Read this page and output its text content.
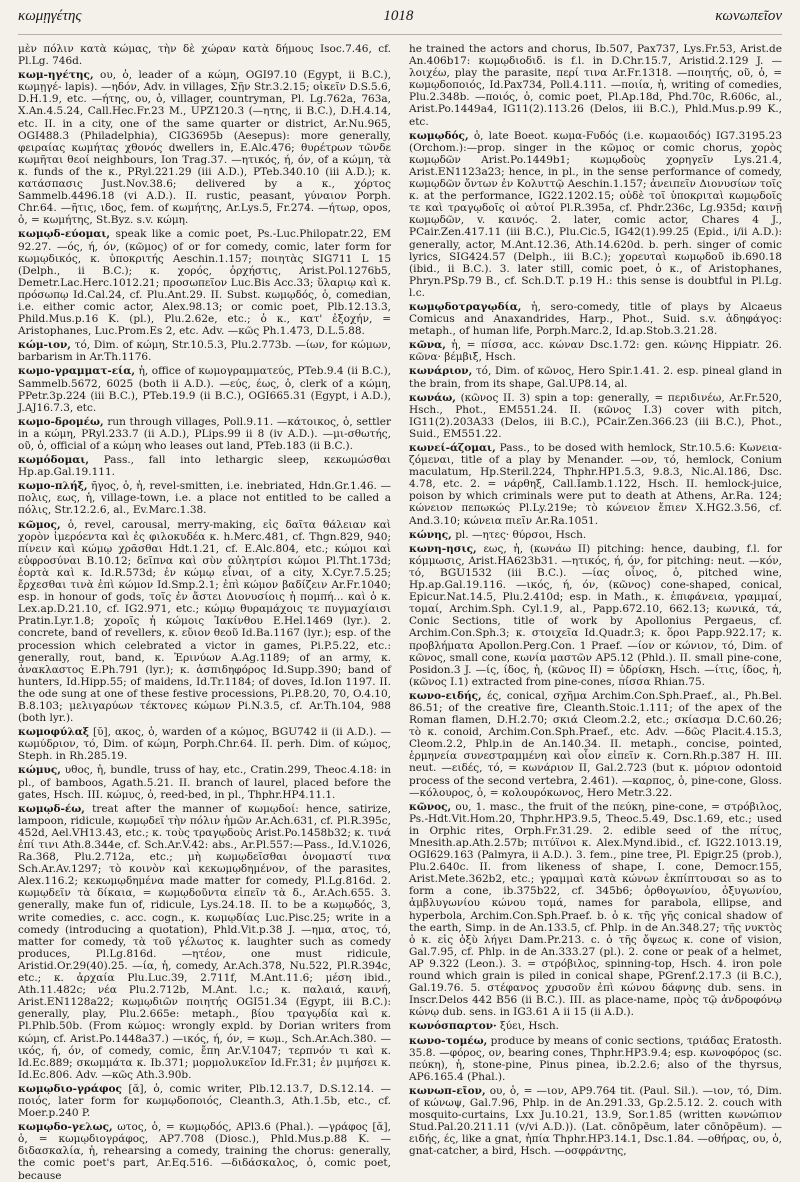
κωμῃγέτης	1018	κωνωπεῖον

μὲν πόλιν κατὰ κώμας, τὴν δὲ χώραν κατὰ δήμους Isoc.7.46, cf. Pl.Lg. 746d.

κωμ-ηγέτης, ου, ὁ, leader of a κώμη, OGI97.10 (Egypt, ii B.C.), κωμῃγέ- lapis). —ηδόν, Adv. in villages, Σῇν Str.3.2.15; οἰκεῖν D.S.5.6, D.H.1.9, etc. —ήτης, ου, ὁ, villager, countryman, Pl. Lg.762a, 763a, X.An.4.5.24, Call.Hec.Fr.23 M., UPZ120.3 (—ητης, ii B.C.), D.H.4.14, etc. II. in a city, one of the same quarter or district, Ar.Nu.965, OGI488.3 (Philadelphia), CIG3695b (Aesepus): more generally, φειραίας κωμήτας χθονός dwellers in, E.Alc.476; θυρέτρων τῶνδε κωμῆται θεοί neighbours, Ion Trag.37. —ητικός, ή, όν, of a κώμη, τὰ κ. funds of the κ., PRyl.221.29 (iii A.D.), PTeb.340.10 (iii A.D.); κ. κατάσπασις Just.Nov.38.6; delivered by a κ., χόρτος Sammelb.4496.18 (vi A.D.). II. rustic, peasant, γύναιον Porph. Chr.64. —ῆτις, ιδος, fem. of κωμήτης, Ar.Lys.5, Fr.274. —ήτωρ, opos, ὁ, = κωμήτης, St.Byz. s.v. κώμη.

κωμῳδ-εύομαι, speak like a comic poet, Ps.-Luc.Philopatr.22, EM 92.27. —ός, ή, όν, (κῶμος) of or for comedy, comic, later form for κωμῳδικός, κ. ὑποκριτής Aeschin.1.157; ποιητὰς SIG711 L 15 (Delph., ii B.C.); κ. χορός, ὀρχήστις, Arist.Pol.1276b5, Demetr.Lac.Herc.1012.21; προσωπεῖον Luc.Bis Acc.33; ὕλαριῳ καὶ κ. πρόσωπῳ Id.Cal.24, cf. Plu.Ant.29. II. Subst. κωμῳδός, ὁ, comedian, i.e. either comic actor, Alex.98.13; or comic poet, Plb.12.13.3, Phild.Mus.p.16 K. (pl.), Plu.2.62e, etc.; ὁ κ., κατ' ἐξοχήν, = Aristophanes, Luc.Prom.Es 2, etc. Adv. —κῶς Ph.1.473, D.L.5.88.

κώμ-ιον, τό, Dim. of κώμη, Str.10.5.3, Plu.2.773b. —ίων, for κώμων, barbarism in Ar.Th.1176.

κωμο-γραμματ-εία, ἡ, office of κωμογραμματεύς, PTeb.9.4 (ii B.C.), Sammelb.5672, 6025 (both ii A.D.). —εύς, έως, ὁ, clerk of a κώμη, PPetr.3p.224 (iii B.C.), PTeb.19.9 (ii B.C.), OGI665.31 (Egypt, i A.D.), J.AJ16.7.3, etc.

κωμο-δρομέω, run through villages, Poll.9.11. —κάτοικος, ὁ, settler in a κώμη, PRyl.233.7 (ii A.D.), PLips.99 ii 8 (iv A.D.). —μι-σθωτής, οῦ, ὁ, official of a κώμη who leases out land, PTeb.183 (ii B.C.).

κωμόδομαι, Pass., fall into lethargic sleep, κεκωμώσθαι Hp.ap.Gal.19.111.

κωμο-πλήξ, ῆγος, ὁ, ἡ, revel-smitten, i.e. inebriated, Hdn.Gr.1.46. —πολις, εως, ἡ, village-town, i.e. a place not entitled to be called a πόλις, Str.12.2.6, al., Ev.Marc.1.38.

κῶμος, ὁ, revel, carousal, merry-making, εἰς δαῖτα θάλειαν καὶ χορὸν ἱμερόεντα καὶ ἐς φιλοκυδέα κ. h.Merc.481, cf. Thgn.829, 940; πίνειν καὶ κώμῳ χρᾶσθαι Hdt.1.21, cf. E.Alc.804, etc.; κώμοι καὶ εὐφροσύναι B.10.12; δεῖπνα καὶ σὺν αὐλητρίσι κώμοι Pl.Tht.173d; ἑορτὰ καὶ κ. Id.R.573d; ἐν κώμῳ εἶναι, of a city, X.Cyr.7.5.25; ἔρχεσθαι τινὰ ἐπὶ κώμον Id.Smp.2.1; ἐπὶ κώμον βαδίζειν Ar.Fr.1040; esp. in honour of gods, τοῖς ἐν ἄστει Διονυσίοις ἡ πομπή... καὶ ὁ κ. Lex.ap.D.21.10, cf. IG2.971, etc.; κώμῳ θυραμάχοις τε πυγμαχίαισι Pratin.Lyr.1.8; χοροῖς ἡ κώμοις Ἰακίνθου E.Hel.1469 (lyr.). 2. concrete, band of revellers, κ. εὔιον θεοῦ Id.Ba.1167 (lyr.); esp. of the procession which celebrated a victor in games, Pi.P.5.22, etc.: generally, rout, band, κ. Ἐρινύων A.Ag.1189; of an army, κ. ἀνακλαστος E.Ph.791 (lyr.); κ. ἀσπιδηφόρος Id.Supp.390; band of hunters, Id.Hipp.55; of maidens, Id.Tr.1184; of doves, Id.Ion 1197. II. the ode sung at one of these festive processions, Pi.P.8.20, 70, O.4.10, B.8.103; μελιγαρύων τέκτονες κώμων Pi.N.3.5, cf. Ar.Th.104, 988 (both lyr.).

κωμοφύλαξ [ῠ], ακος, ὁ, warden of a κώμος, BGU742 ii (ii A.D.). —κωμύδριον, τό, Dim. of κώμη, Porph.Chr.64. II. perh. Dim. of κώμος, Steph. in Rh.285.19.

κώμυς, υθος, ἡ, bundle, truss of hay, etc., Cratin.299, Theoc.4.18: in pl., of bamboos, Agath.5.21. II. branch of laurel, placed before the gates, Hsch. III. κώμυς, ὁ, reed-bed, in pl., Thphr.HP4.11.1.

κωμῳδ-έω, treat after the manner of κωμῳδοί: hence, satirize, lampoon, ridicule, κωμῳδεῖ τὴν πόλιν ἡμῶν Ar.Ach.631, cf. Pl.R.395c, 452d, Ael.VH13.43, etc.; κ. τοὺς τραγῳδοὺς Arist.Po.1458b32; κ. τινά ἐπί τινι Ath.8.344e, cf. Sch.Ar.V.42: abs., Ar.Pl.557:—Pass., Id.V.1026, Ra.368, Plu.2.712a, etc.; μὴ κωμῳδεῖσθαι ὀνομαστί τινα Sch.Ar.Av.1297; τὸ κοινὸν καὶ κεκωμῳδημένον, of the parasites, Alex.116.2; κεκωμῳδημένα made matter for comedy, Pl.Lg.816d. 2. κωμῳδεῖν τὰ δίκαια, = κωμῳδοῦντα εἰπεῖν τὰ δ., Ar.Ach.655. 3. generally, make fun of, ridicule, Lys.24.18. II. to be a κωμῳδός, 3, write comedies, c. acc. cogn., κ. κωμῳδίας Luc.Pisc.25; write in a comedy (introducing a quotation), Phld.Vit.p.38 J. —ημα, ατος, τό, matter for comedy, τὰ τοῦ γέλωτος κ. laughter such as comedy produces, Pl.Lg.816d. —ητέον, one must ridicule, Aristid.Or.29(40).25. —ία, ἡ, comedy, Ar.Ach.378, Nu.522, Pl.R.394c, etc.; κ. ἀρχαία Plu.Luc.39, 2.711f, M.Ant.11.6; μέση ibid., Ath.11.482c; νέα Plu.2.712b, M.Ant. l.c.; κ. παλαιά, καινή, Arist.EN1128a22; κωμῳδιῶν ποιητής OGI51.34 (Egypt, iii B.C.): generally, play, Plu.2.665e: metaph., βίου τραγῳδία καὶ κ. Pl.Phlb.50b. (From κώμος: wrongly expld. by Dorian writers from κώμη, cf. Arist.Po.1448a37.) —ικός, ή, όν, = κωμ., Sch.Ar.Ach.380. —ικός, ή, όν, of comedy, comic, ἔπη Ar.V.1047; τερπνόν τι καὶ κ. Id.Ec.889; σκωμμάτα κ. Ib.371; μορμολυκεῖον Id.Fr.31; ἐν μιμήσει κ. Id.Ec.806. Adv. —κῶς Ath.3.90b.

κωμῳδιο-γράφος [ᾰ], ὁ, comic writer, Plb.12.13.7, D.S.12.14. —ποιός, later form for κωμῳδοποιός, Cleanth.3, Ath.1.5b, etc., cf. Moer.p.240 P.

κωμῳδο-γελως, ωτος, ὁ, = κωμῳδός, APl3.6 (Phal.). —γράφος [ᾰ], ὁ, = κωμῳδιογράφος, AP7.708 (Diosc.), Phld.Mus.p.88 K. —διδασκαλία, ἡ, rehearsing a comedy, training the chorus: generally, the comic poet's part, Ar.Eq.516. —διδάσκαλος, ὁ, comic poet, because

he trained the actors and chorus, Ib.507, Pax737, Lys.Fr.53, Arist.de An.406b17: κωμῳδιοδιδ. is f.l. in D.Chr.15.7, Aristid.2.129 J. —λοιχέω, play the parasite, περί τινα Ar.Fr.1318. —ποιητής, οῦ, ὁ, = κωμῳδοποιός, Id.Pax734, Poll.4.111. —ποιία, ἡ, writing of comedies, Plu.2.348b. —ποιός, ὁ, comic poet, Pl.Ap.18d, Phd.70c, R.606c, al., Arist.Po.1449a4, IG11(2).113.26 (Delos, iii B.C.), Phld.Mus.p.99 K., etc.

κωμῳδός, ὁ, late Boeot. κωμα-Fυδός (i.e. κωμαοιδός) IG7.3195.23 (Orchom.):—prop. singer in the κῶμος or comic chorus, χορὸς κωμῳδῶν Arist.Po.1449b1; κωμῳδοὺς χορηγεῖν Lys.21.4, Arist.EN1123a23; hence, in pl., in the sense performance of comedy, κωμῳδῶν ὄντων ἐν Κολυττῷ Aeschin.1.157; ἀνειπεῖν Διονυσίων τοῖς κ. at the performance, IG22.1202.15; οὐδὲ τοῖ ὑποκριταὶ κωμῳδοῖς τε καὶ τραγῳδοῖς οἱ αὐτοί Pl.R.395a, cf. Phdr.236c, Lg.935d; καινῇ κωμῳδῶν, v. καινός. 2. later, comic actor, Chares 4 J., PCair.Zen.417.11 (iii B.C.), Plu.Cic.5, IG42(1).99.25 (Epid., i/ii A.D.): generally, actor, M.Ant.12.36, Ath.14.620d. b. perh. singer of comic lyrics, SIG424.57 (Delph., iii B.C.); χορευταὶ κωμῳδοῦ ib.690.18 (ibid., ii B.C.). 3. later still, comic poet, ὁ κ., of Aristophanes, Phryn.PSp.79 B., cf. Sch.D.T. p.19 H.: this sense is doubtful in Pl.Lg. l.c.

κωμῳδοτραγῳδία, ἡ, sero-comedy, title of plays by Alcaeus Comicus and Anaxandrides, Harp., Phot., Suid. s.v. ἀδηφάγος: metaph., of human life, Porph.Marc.2, Id.ap.Stob.3.21.28.

κῶνα, ἡ, = πίσσα, acc. κώναν Dsc.1.72: gen. κώνης Hippiatr. 26. κῶνα· βέμβιξ, Hsch.

κωνάριον, τό, Dim. of κῶνος, Hero Spir.1.41. 2. esp. pineal gland in the brain, from its shape, Gal.UP8.14, al.

κωνάω, (κῶνος II. 3) spin a top: generally, = περιδινέω, Ar.Fr.520, Hsch., Phot., EM551.24. II. (κῶνος I.3) cover with pitch, IG11(2).203A33 (Delos, iii B.C.), PCair.Zen.366.23 (iii B.C.), Phot., Suid., EM551.22.

κωνεί-άζομαι, Pass., to be dosed with hemlock, Str.10.5.6: Κωνεια-ζόμεναι, title of a play by Menander. —ον, τό, hemlock, Conium maculatum, Hp.Steril.224, Thphr.HP1.5.3, 9.8.3, Nic.Al.186, Dsc. 4.78, etc. 2. = νάρθηξ, Call.Iamb.1.122, Hsch. II. hemlock-juice, poison by which criminals were put to death at Athens, Ar.Ra. 124; κώνειον πεπωκώς Pl.Ly.219e; τὸ κώνειον ἔπιεν X.HG2.3.56, cf. And.3.10; κώνεια πιεῖν Ar.Ra.1051.

κώνης, pl. —ητες· θύρσοι, Hsch.

κωνη-ησις, εως, ἡ, (κωνάω II) pitching: hence, daubing, f.l. for κόμμωσις, Arist.HA623b31. —ητικός, ή, όν, for pitching: neut. —κόν, τό, BGU1532 (iii B.C.). —ίας οἶνος, ὁ, pitched wine, Hp.ap.Gal.19.116. —ικός, ή, όν, (κῶνος) cone-shaped, conical, Epicur.Nat.14.5, Plu.2.410d; esp. in Math., κ. ἐπιφάνεια, γραμμαί, τομαί, Archim.Sph. Cyl.1.9, al., Papp.672.10, 662.13; κωνικά, τά, Conic Sections, title of work by Apollonius Pergaeus, cf. Archim.Con.Sph.3; κ. στοιχεῖα Id.Quadr.3; κ. ὅροι Papp.922.17; κ. προβλήματα Apollon.Perg.Con. 1 Praef. —ίον or κώνιον, τό, Dim. of κῶνος, small cone, κωνία μαστῶν AP5.12 (Phld.). II. small pine-cone, Posidon.3 J. —ίς, ίδος, ἡ, (κῶνος II) = ὑδρίσκη, Hsch. —ίτις, ίδος, ἡ, (κῶνος I.1) extracted from pine-cones, πίσσα Rhian.75.

κωνο-ειδής, ές, conical, σχῆμα Archim.Con.Sph.Praef., al., Ph.Bel. 86.51; of the creative fire, Cleanth.Stoic.1.111; of the apex of the Roman flamen, D.H.2.70; σκιά Cleom.2.2, etc.; σκίασμα D.C.60.26; τὸ κ. conoid, Archim.Con.Sph.Praef., etc. Adv. —δῶς Placit.4.15.3, Cleom.2.2, Phlp.in de An.140.34. II. metaph., concise, pointed, ἑρμηνεία συνεστραμμένη καὶ οἷον εἰπεῖν κ. Corn.Rh.p.387 H. III. neut. —ειδές, τό, = κωνάριον II, Gal.2.723 (but κ. μόριον odontoid process of the second vertebra, 2.461). —καρπος, ὁ, pine-cone, Gloss. —κόλουρος, ὁ, = κολουρόκωνος, Hero Metr.3.22.

κῶνος, ου, 1. masc., the fruit of the πεύκη, pine-cone, = στρόβιλος, Ps.-Hdt.Vit.Hom.20, Thphr.HP3.9.5, Theoc.5.49, Dsc.1.69, etc.; used in Orphic rites, Orph.Fr.31.29. 2. edible seed of the πίτυς, Mnesith.ap.Ath.2.57b; πιτύϊνοι κ. Alex.Mynd.ibid., cf. IG22.1013.19, OGI629.163 (Palmyra, ii A.D.). 3. fem., pine tree, Pl. Epigr.25 (prob.), Plu.2.640c. II. from likeness of shape, I. cone, Democr.155, Arist.Mete.362b2, etc.; γραμμαὶ κατὰ κώνων ἐκπίπτουσαι so as to form a cone, ib.375b22, cf. 345b6; ὀρθογωνίου, ὀξυγωνίου, ἀμβλυγωνίου κώνου τομά, names for parabola, ellipse, and hyperbola, Archim.Con.Sph.Praef. b. ὁ κ. τῆς γῆς conical shadow of the earth, Simp. in de An.133.5, cf. Phlp. in de An.348.27; τῆς νυκτὸς ὁ κ. εἰς ὀξὺ λήγει Dam.Pr.213. c. ὁ τῆς ὄψεως κ. cone of vision, Gal.7.95, cf. Phlp. in de An.333.27 (pl.). 2. cone or peak of a helmet, AP 9.322 (Leon.). 3. = στρόβιλος, spinning-top, Hsch. 4. iron pole round which grain is piled in conical shape, PGrenf.2.17.3 (ii B.C.), Gal.19.76. 5. στέφανος χρυσοῦν ἐπὶ κώνου δάφνης dub. sens. in Inscr.Delos 442 B56 (ii B.C.). III. as place-name, πρὸς τῷ ἀνδροφόνῳ κώνῳ dub. sens. in IG3.61 A ii 15 (ii A.D.).

κωνόσπαρτον· ξύει, Hsch.

κωνο-τομέω, produce by means of conic sections, τριάδας Eratosth. 35.8. —φόρος, ον, bearing cones, Thphr.HP3.9.4; esp. κωνοφόρος (sc. πεύκη), ἡ, stone-pine, Pinus pinea, ib.2.2.6; also of the thyrsus, AP6.165.4 (Phal.).

κωνωπ-εῖον, ου, ὁ, = —ιον, AP9.764 tit. (Paul. Sil.). —ιον, τό, Dim. of κώνωψ, Gal.7.96, Phlp. in de An.291.33, Gp.2.5.12. 2. couch with mosquito-curtains, Lxx Ju.10.21, 13.9, Sor.1.85 (written κωνώπιον Stud.Pal.20.211.11 (v/vi A.D.)). (Lat. cōnōpēum, later cōnōpēum). —ειδής, ές, like a gnat, ἡπία Thphr.HP3.14.1, Dsc.1.84. —οθήρας, ου, ὁ, gnat-catcher, a bird, Hsch. —οσφράντης,
